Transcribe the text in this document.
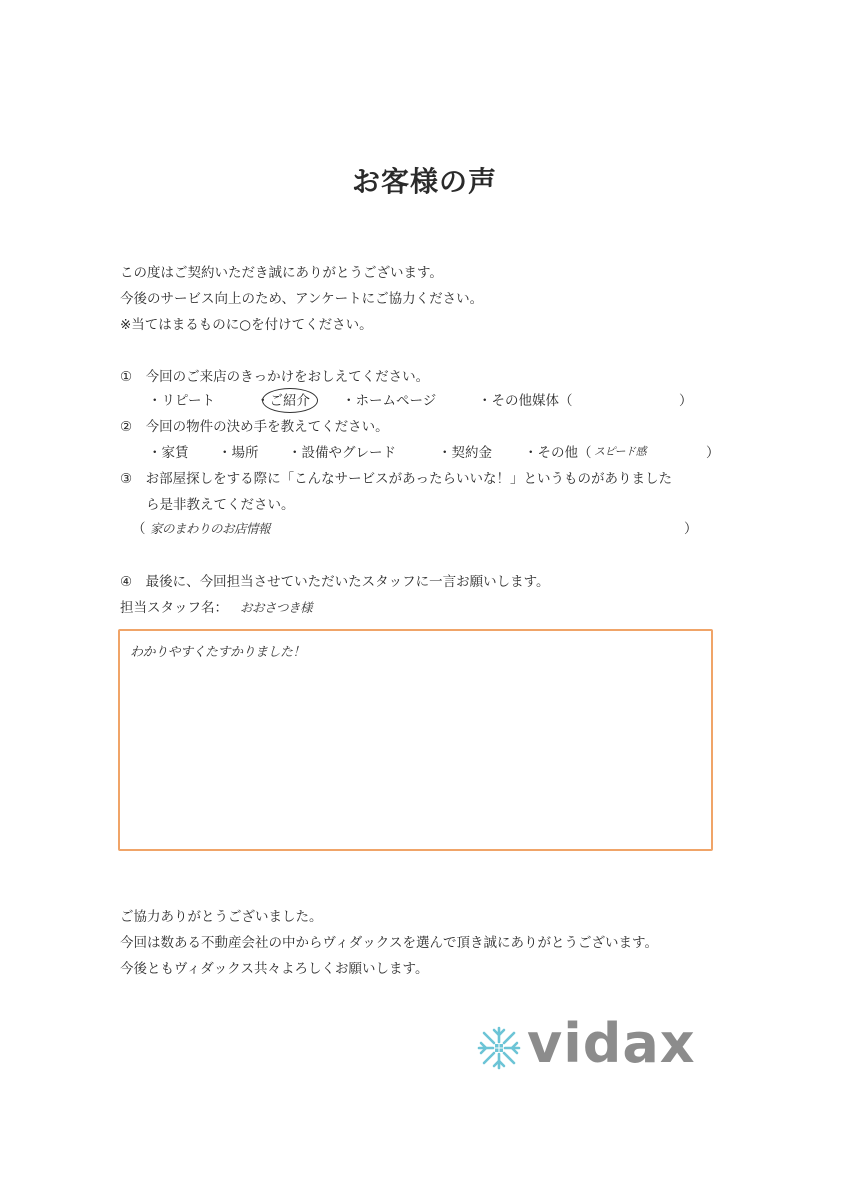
お客様の声
この度はご契約いただき誠にありがとうございます。
今後のサービス向上のため、アンケートにご協力ください。
※当てはまるものに○を付けてください。
①　今回のご来店のきっかけをおしえてください。
・リピート	・ご紹介 ・ホームページ	・その他媒体（	）
②　今回の物件の決め手を教えてください。
・家賃 ・場所 ・設備やグレード	・契約金 ・その他（ スピード感	）
③　お部屋探しをする際に「こんなサービスがあったらいいな！」というものがありました
ら是非教えてください。
（ 家のまわりのお店情報	）
④　最後に、今回担当させていただいたスタッフに一言お願いします。
担当スタッフ名： おおさつき様
わかりやすくたすかりました！
ご協力ありがとうございました。
今回は数ある不動産会社の中からヴィダックスを選んで頂き誠にありがとうございます。
今後ともヴィダックス共々よろしくお願いします。
vidax
